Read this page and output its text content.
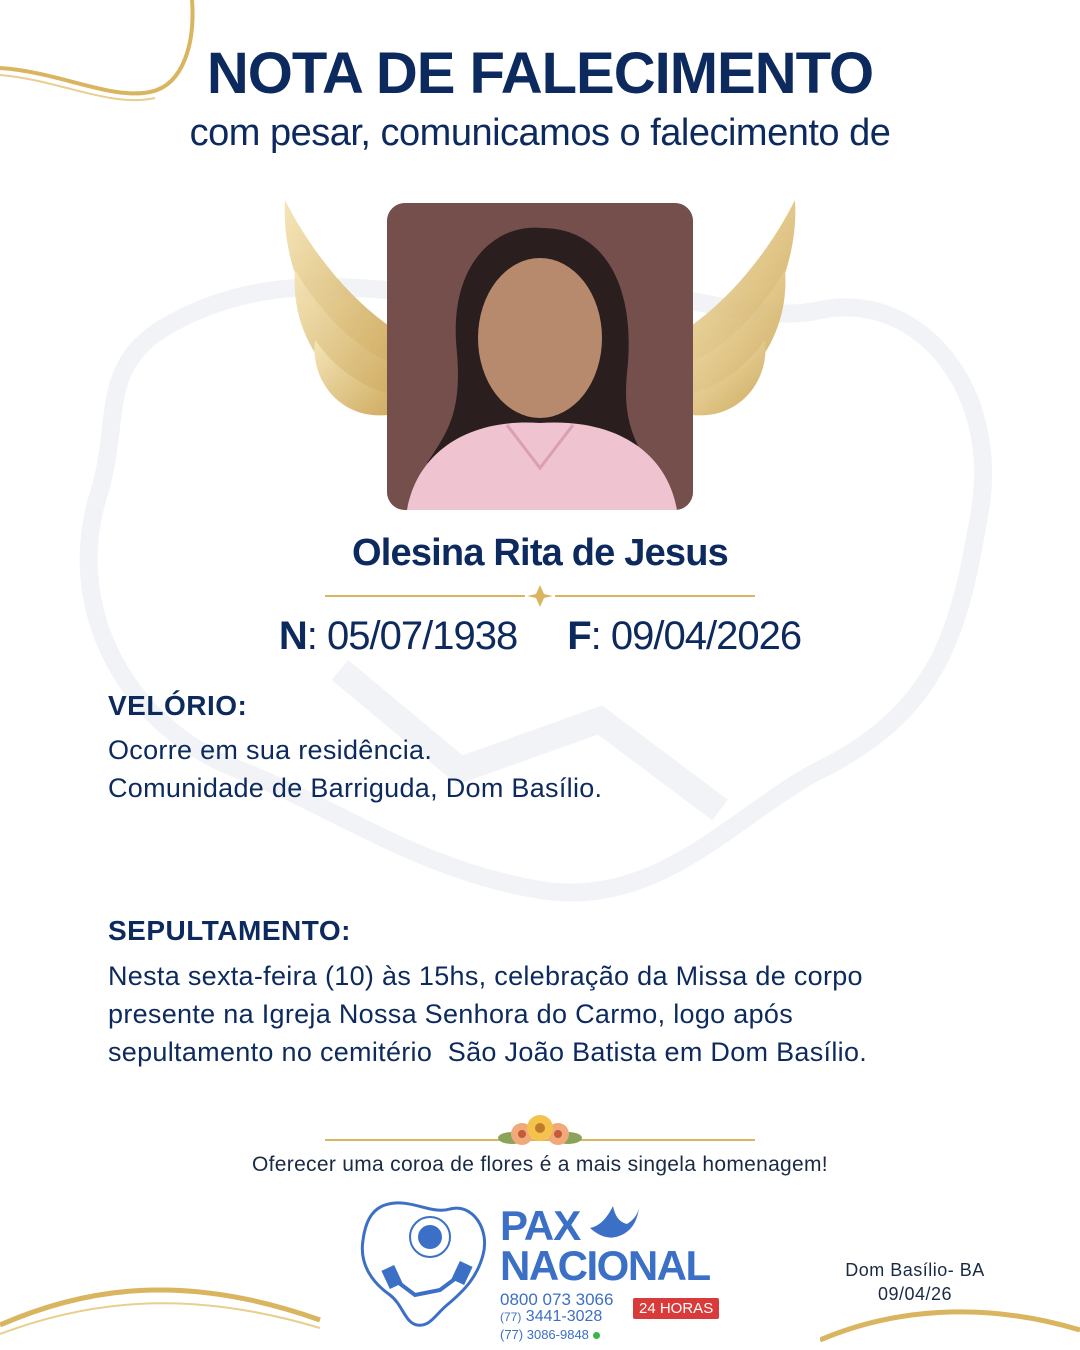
NOTA DE FALECIMENTO
com pesar, comunicamos o falecimento de
Olesina Rita de Jesus
N: 05/07/1938 F: 09/04/2026
VELÓRIO:
Ocorre em sua residência.
Comunidade de Barriguda, Dom Basílio.
SEPULTAMENTO:
Nesta sexta-feira (10) às 15hs, celebração da Missa de corpo
presente na Igreja Nossa Senhora do Carmo, logo após
sepultamento no cemitério  São João Batista em Dom Basílio.
Oferecer uma coroa de flores é a mais singela homenagem!
PAX
NACIONAL
0800 073 3066
(77) 3441-3028
(77) 3086-9848
24 HORAS
Dom Basílio- BA
09/04/26
